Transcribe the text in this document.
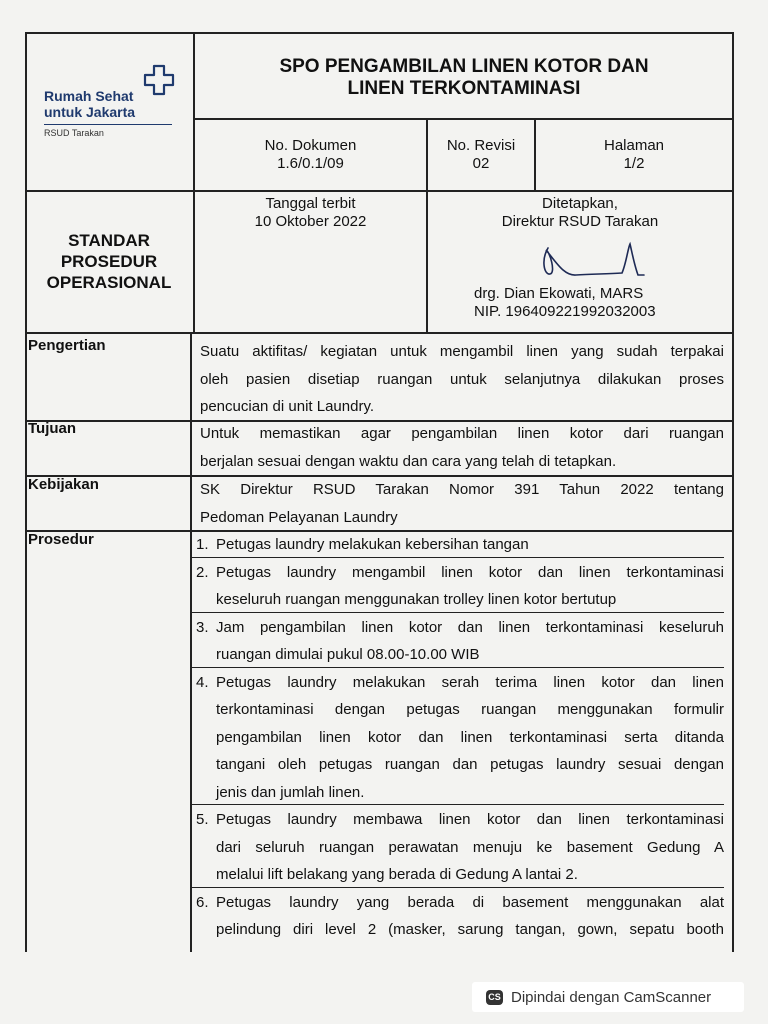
Rumah Sehat
untuk Jakarta
RSUD Tarakan
SPO PENGAMBILAN LINEN KOTOR DAN
LINEN TERKONTAMINASI
No. Dokumen
1.6/0.1/09
No. Revisi
02
Halaman
1/2
STANDAR
PROSEDUR
OPERASIONAL
Tanggal terbit
10 Oktober 2022
Ditetapkan,
Direktur RSUD Tarakan
drg. Dian Ekowati, MARS
NIP. 196409221992032003
Pengertian
Tujuan
Kebijakan
Prosedur
Suatu aktifitas/ kegiatan untuk mengambil linen yang sudah terpakai
oleh pasien disetiap ruangan untuk selanjutnya dilakukan proses
pencucian di unit Laundry.
Untuk memastikan agar pengambilan linen kotor dari ruangan
berjalan sesuai dengan waktu dan cara yang telah di tetapkan.
SK Direktur RSUD Tarakan Nomor 391 Tahun 2022 tentang
Pedoman Pelayanan Laundry
1. Petugas laundry melakukan kebersihan tangan
2. Petugas laundry mengambil linen kotor dan linen terkontaminasi
keseluruh ruangan menggunakan trolley linen kotor bertutup
3. Jam pengambilan linen kotor dan linen terkontaminasi keseluruh
ruangan dimulai pukul 08.00-10.00 WIB
4. Petugas laundry melakukan serah terima linen kotor dan linen
terkontaminasi dengan petugas ruangan menggunakan formulir
pengambilan linen kotor dan linen terkontaminasi serta ditanda
tangani oleh petugas ruangan dan petugas laundry sesuai dengan
jenis dan jumlah linen.
5. Petugas laundry membawa linen kotor dan linen terkontaminasi
dari seluruh ruangan perawatan menuju ke basement Gedung A
melalui lift belakang yang berada di Gedung A lantai 2.
6. Petugas laundry yang berada di basement menggunakan alat
pelindung diri level 2 (masker, sarung tangan, gown, sepatu booth
CS Dipindai dengan CamScanner
